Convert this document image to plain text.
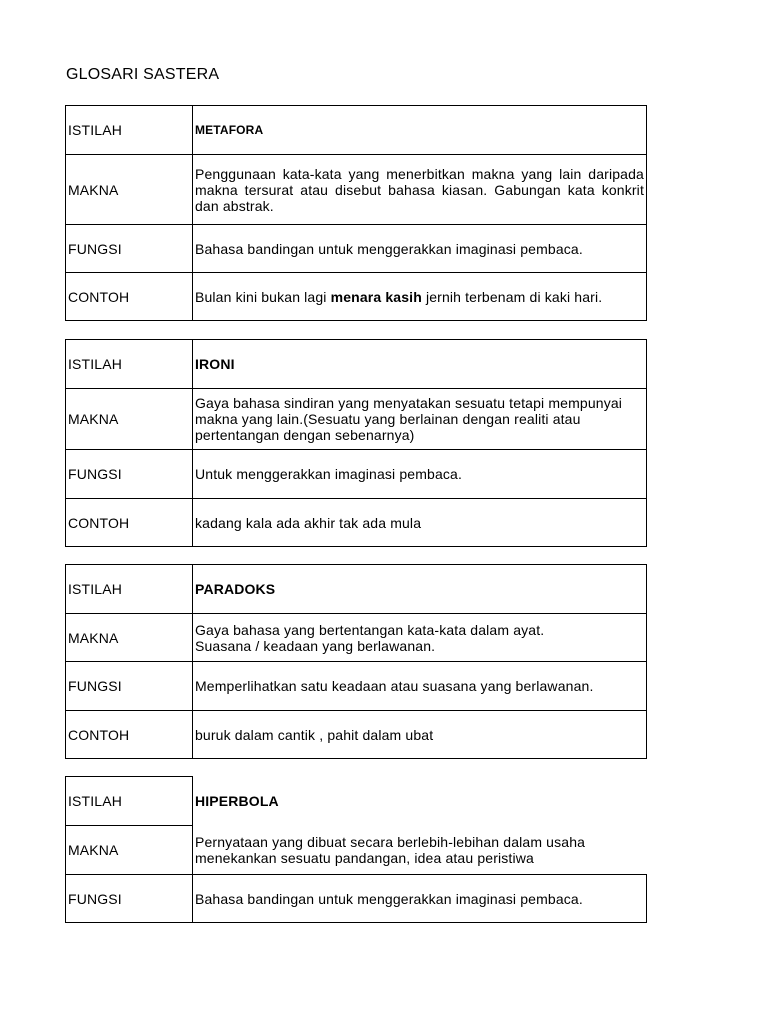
GLOSARI SASTERA
ISTILAH	METAFORA
MAKNA	Penggunaan kata-kata yang menerbitkan makna yang lain daripada makna tersurat atau disebut bahasa kiasan. Gabungan kata konkrit dan abstrak.
FUNGSI	Bahasa bandingan untuk menggerakkan imaginasi pembaca.
CONTOH	Bulan kini bukan lagi menara kasih jernih terbenam di kaki hari.
ISTILAH	IRONI
MAKNA	Gaya bahasa sindiran yang menyatakan sesuatu tetapi mempunyai makna yang lain.(Sesuatu yang berlainan dengan realiti atau pertentangan dengan sebenarnya)
FUNGSI	Untuk menggerakkan imaginasi pembaca.
CONTOH	kadang kala ada akhir tak ada mula
ISTILAH	PARADOKS
MAKNA	Gaya bahasa yang bertentangan kata-kata dalam ayat.
Suasana / keadaan yang berlawanan.

FUNGSI	Memperlihatkan satu keadaan atau suasana yang berlawanan.
CONTOH	buruk dalam cantik , pahit dalam ubat
ISTILAH	HIPERBOLA
MAKNA	Pernyataan yang dibuat secara berlebih-lebihan dalam usaha menekankan sesuatu pandangan, idea atau peristiwa
FUNGSI	Bahasa bandingan untuk menggerakkan imaginasi pembaca.
